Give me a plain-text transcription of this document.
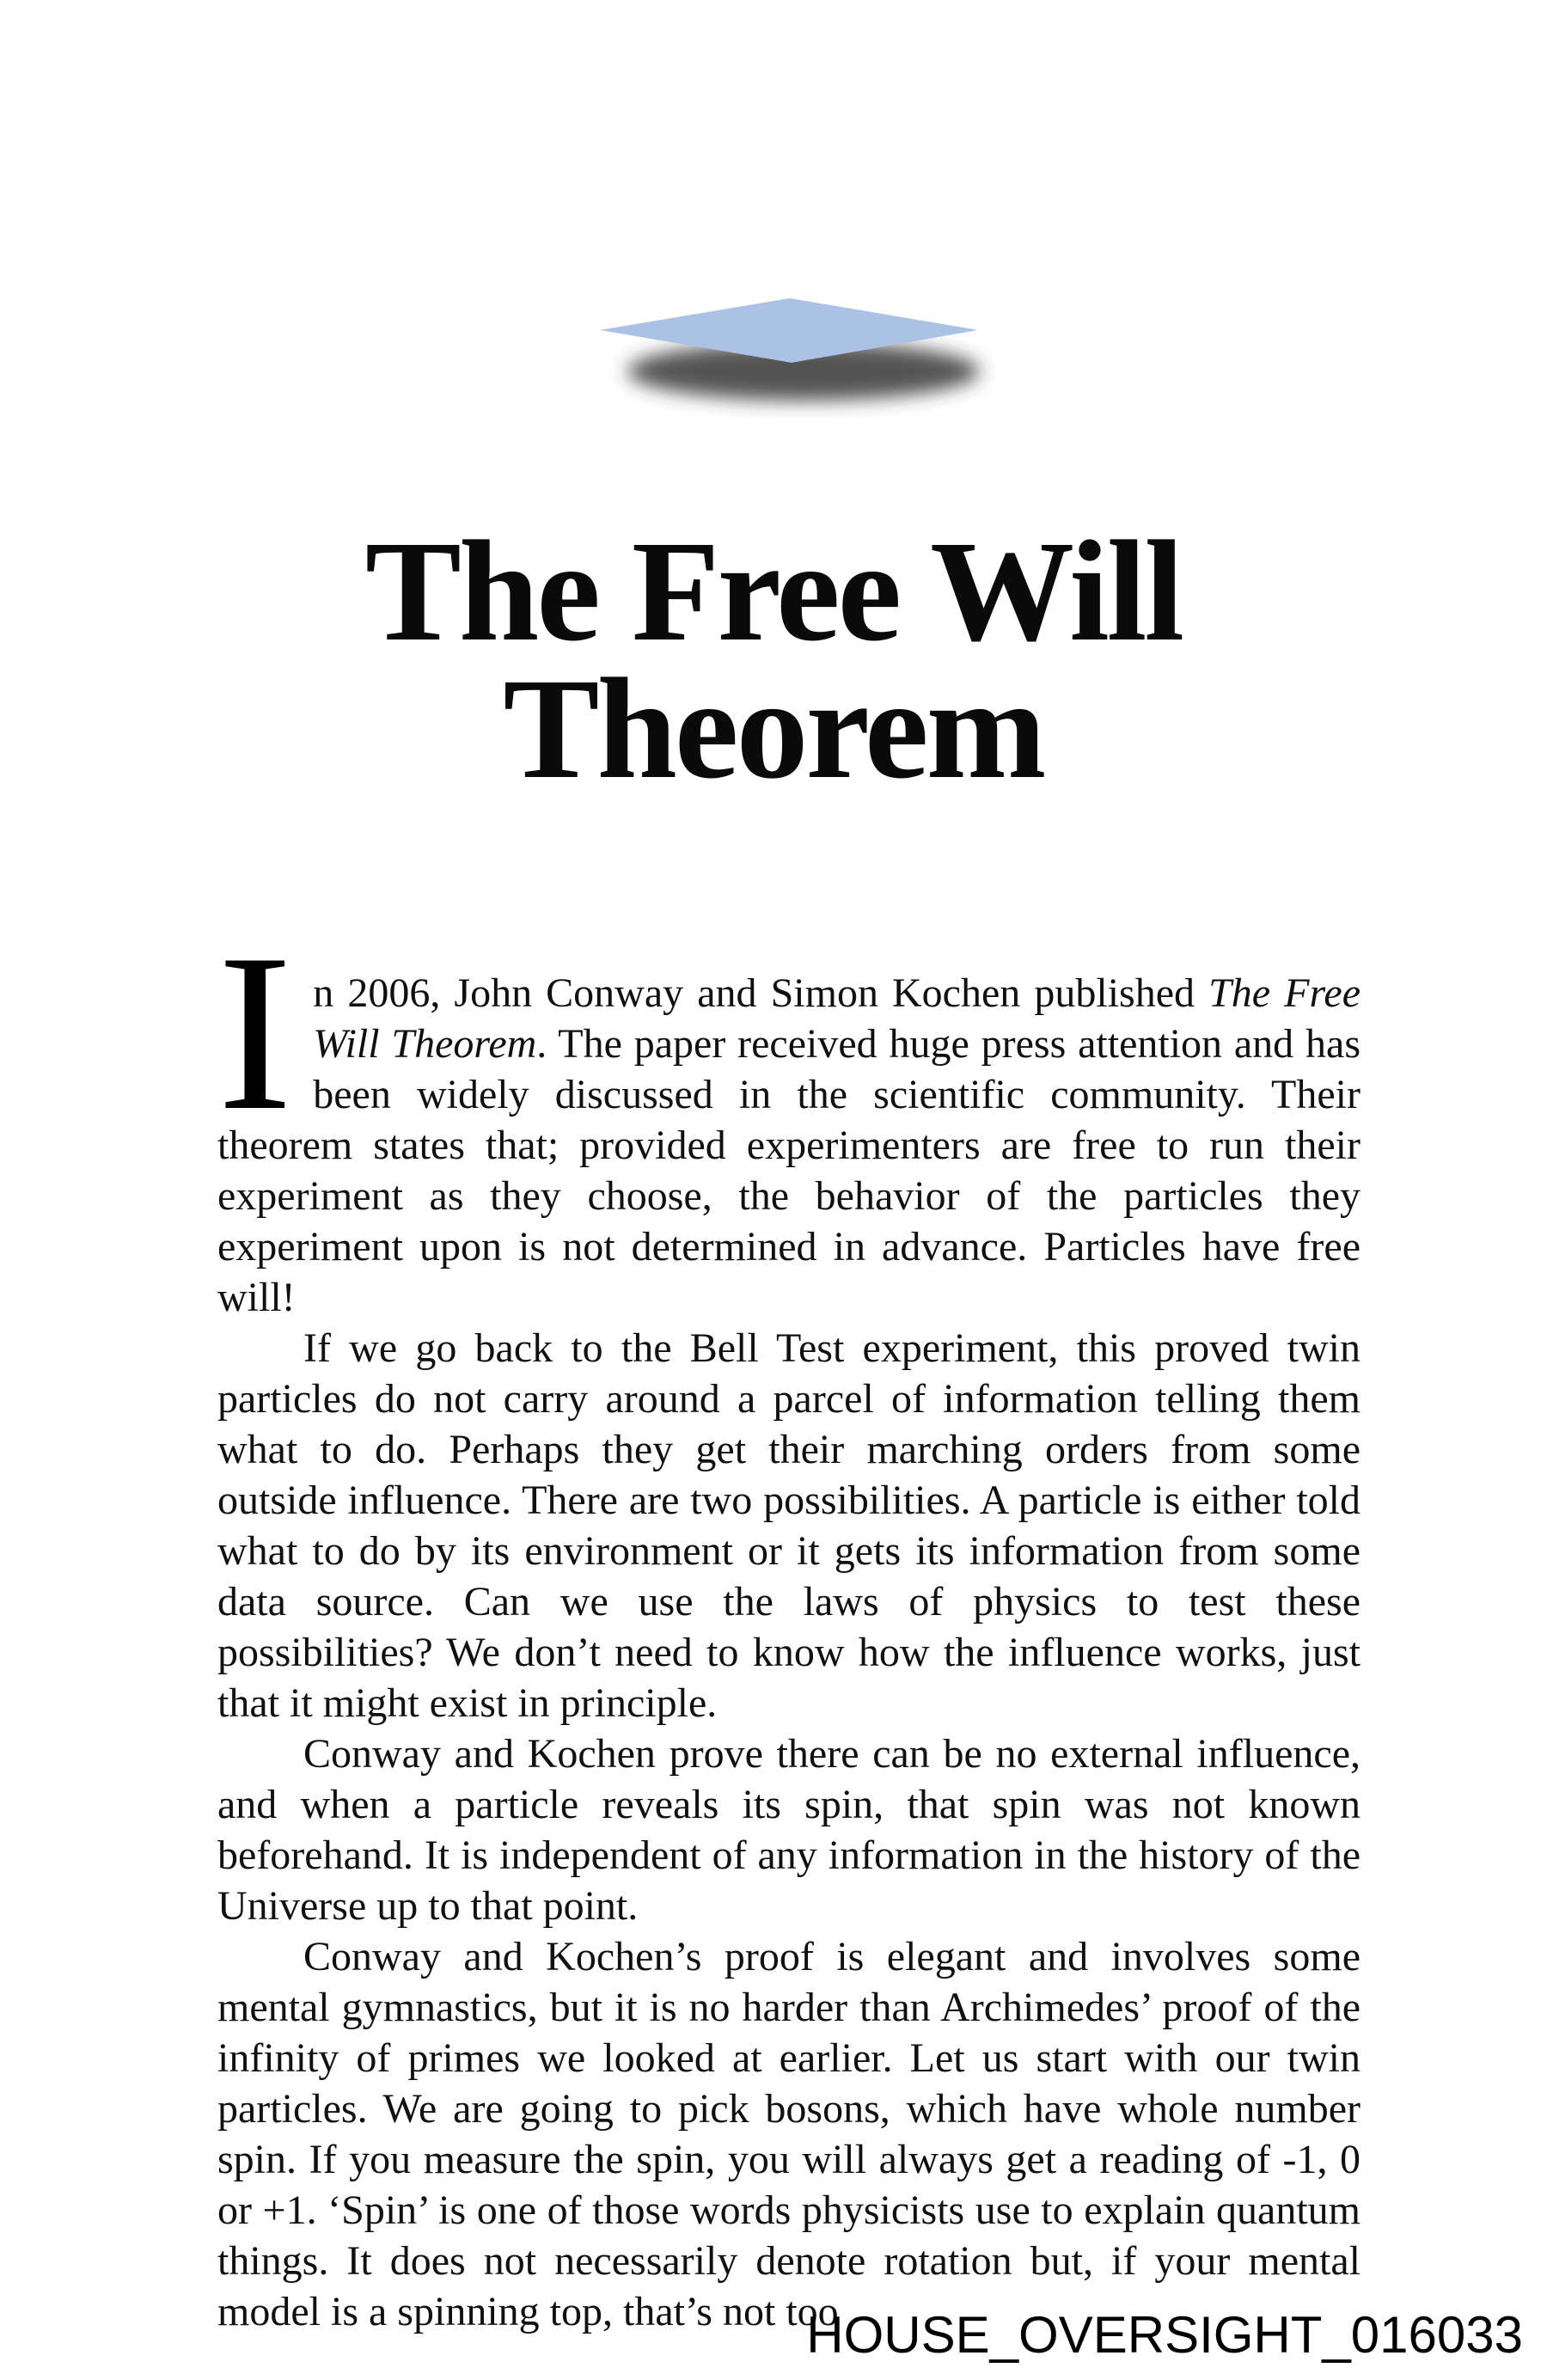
The Free Will
Theorem

In 2006, John Conway and Simon Kochen published The Free Will Theorem. The paper received huge press attention and has been widely discussed in the scientific community. Their theorem states that; provided experimenters are free to run their experiment as they choose, the behavior of the particles they experiment upon is not determined in advance. Particles have free will!

If we go back to the Bell Test experiment, this proved twin particles do not carry around a parcel of information telling them what to do. Perhaps they get their marching orders from some outside influence. There are two possibilities. A particle is either told what to do by its environment or it gets its information from some data source. Can we use the laws of physics to test these possibilities? We don’t need to know how the influence works, just that it might exist in principle.

Conway and Kochen prove there can be no external influence, and when a particle reveals its spin, that spin was not known beforehand. It is independent of any information in the history of the Universe up to that point.

Conway and Kochen’s proof is elegant and involves some mental gymnastics, but it is no harder than Archimedes’ proof of the infinity of primes we looked at earlier. Let us start with our twin particles. We are going to pick bosons, which have whole number spin. If you measure the spin, you will always get a reading of -1, 0 or +1. ‘Spin’ is one of those words physicists use to explain quantum things. It does not necessarily denote rotation but, if your mental model is a spinning top, that’s not too

HOUSE_OVERSIGHT_016033
